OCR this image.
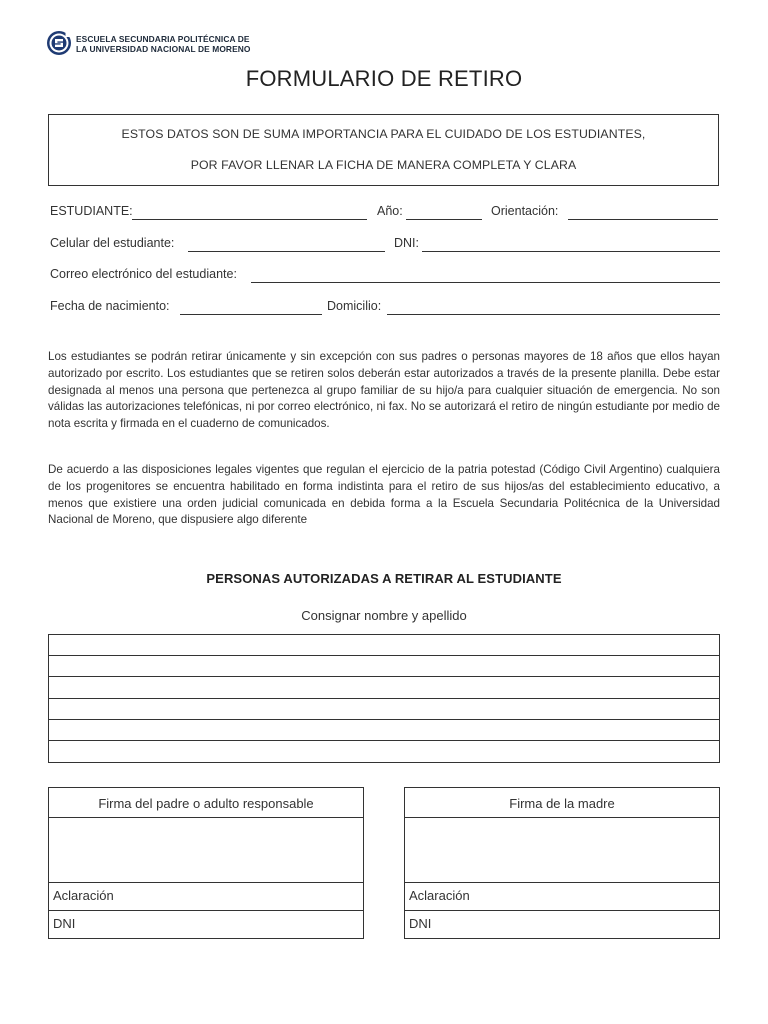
ESCUELA SECUNDARIA POLITÉCNICA DE
LA UNIVERSIDAD NACIONAL DE MORENO
FORMULARIO DE RETIRO
ESTOS DATOS SON DE SUMA IMPORTANCIA PARA EL CUIDADO DE LOS ESTUDIANTES,
POR FAVOR LLENAR LA FICHA DE MANERA COMPLETA Y CLARA
ESTUDIANTE:	Año:	Orientación:
Celular del estudiante:	DNI:
Correo electrónico del estudiante:
Fecha de nacimiento:	Domicilio:
Los estudiantes se podrán retirar únicamente y sin excepción con sus padres o personas mayores de 18 años que ellos hayan autorizado por escrito. Los estudiantes que se retiren solos deberán estar autorizados a través de la presente planilla. Debe estar designada al menos una persona que pertenezca al grupo familiar de su hijo/a para cualquier situación de emergencia. No son válidas las autorizaciones telefónicas, ni por correo electrónico, ni fax. No se autorizará el retiro de ningún estudiante por medio de nota escrita y firmada en el cuaderno de comunicados.
De acuerdo a las disposiciones legales vigentes que regulan el ejercicio de la patria potestad (Código Civil Argentino) cualquiera de los progenitores se encuentra habilitado en forma indistinta para el retiro de sus hijos/as del establecimiento educativo, a menos que existiere una orden judicial comunicada en debida forma a la Escuela Secundaria Politécnica de la Universidad Nacional de Moreno, que dispusiere algo diferente
PERSONAS AUTORIZADAS A RETIRAR AL ESTUDIANTE
Consignar nombre y apellido
Firma del padre o adulto responsable
Aclaración
DNI
Firma de la madre
Aclaración
DNI
